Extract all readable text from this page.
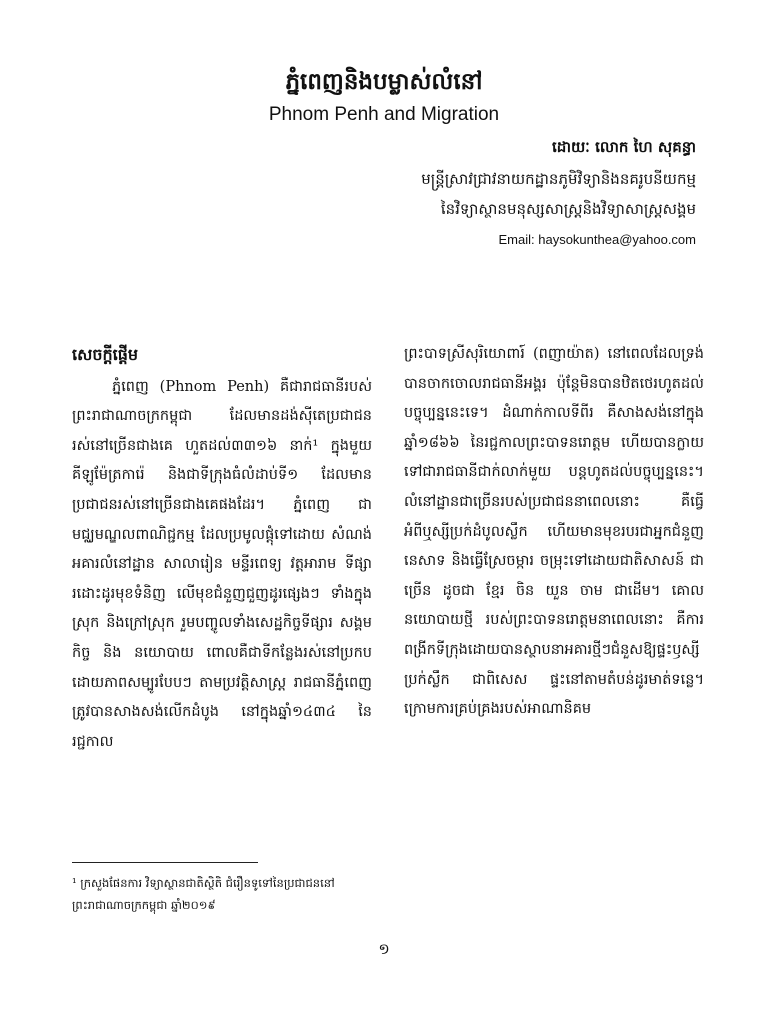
ភ្នំពេញនិងបម្លាស់លំនៅ
Phnom Penh and Migration
ដោយៈ លោក ហៃ សុគន្ធា
មន្ត្រីស្រាវជ្រាវនាយកដ្ឋានភូមិវិទ្យានិងនគរូបនីយកម្ម
នៃវិទ្យាស្ថានមនុស្សសាស្ត្រនិងវិទ្យាសាស្ត្រសង្គម
Email: haysokunthea@yahoo.com
សេចក្តីផ្តើម

ភ្នំពេញ (Phnom Penh) គឺជារាជធានីរបស់ព្រះរាជាណាចក្រកម្ពុជា ដែលមានដង់ស៊ីតេប្រជាជនរស់នៅច្រើនជាងគេ ហួតដល់៣៣១៦ នាក់¹ ក្នុងមួយគីឡូម៉ែត្រការ៉េ និងជាទីក្រុងធំលំដាប់ទី១ ដែលមានប្រជាជនរស់នៅច្រើនជាងគេផងដែរ។ ភ្នំពេញ ជាមជ្ឈមណ្ឌលពាណិជ្ជកម្ម ដែលប្រមូលផ្តុំទៅដោយ សំណង់អគារលំនៅដ្ឋាន សាលារៀន មន្ទីរពេទ្យ វត្តអារាម ទីផ្សារដោះដូរមុខទំនិញ លើមុខជំនួញជួញដូរផ្សេងៗ ទាំងក្នុងស្រុក និងក្រៅស្រុក រួមបញ្ចូលទាំងសេដ្ឋកិច្ចទីផ្សារ សង្គមកិច្ច និង នយោបាយ ពោលគឺជាទីកន្លែងរស់នៅប្រកបដោយភាពសម្បូរបែបៗ តាមប្រវត្តិសាស្ត្រ រាជធានីភ្នំពេញ ត្រូវបានសាងសង់លើកដំបូង នៅក្នុងឆ្នាំ១៤៣៤ នៃរជ្ជកាល

ព្រះបាទស្រីសុរិយោពារ៍ (ពញាយ៉ាត) នៅពេលដែលទ្រង់បានចាកចោលរាជធានីអង្គរ ប៉ុន្តែមិនបានឋិតថេរហូតដល់បច្ចុប្បន្ននេះទេ។ ដំណាក់កាលទីពីរ គឺសាងសង់នៅក្នុងឆ្នាំ១៨៦៦ នៃរជ្ជកាលព្រះបាទនរោត្តម ហើយបានក្លាយទៅជារាជធានីជាក់លាក់មួយ បន្តហូតដល់បច្ចុប្បន្ននេះ។ លំនៅដ្ឋានជាច្រើនរបស់ប្រជាជននាពេលនោះ គឺធ្វើអំពីឬស្សីប្រក់ដំបូលស្លឹក ហើយមានមុខរបរជាអ្នកជំនួញ នេសាទ និងធ្វើស្រែចម្ការ ចម្រុះទៅដោយជាតិសាសន៍ ជាច្រើន ដូចជា ខ្មែរ ចិន យួន ចាម ជាដើម។ គោលនយោបាយថ្មី របស់ព្រះបាទនរោត្តមនាពេលនោះ គឺការពង្រីកទីក្រុងដោយបានស្ថាបនាអគារថ្មីៗជំនួសឱ្យផ្ទះឫស្សីប្រក់ស្លឹក ជាពិសេស ផ្ទះនៅតាមតំបន់ដូរមាត់ទន្លេ។ ក្រោមការគ្រប់គ្រងរបស់អាណានិគម

¹ ក្រសួងផែនការ វិទ្យាស្ថានជាតិស្ថិតិ ជំរឿនទូទៅនៃប្រជាជននៅព្រះរាជាណាចក្រកម្ពុជា ឆ្នាំ២០១៩
១
